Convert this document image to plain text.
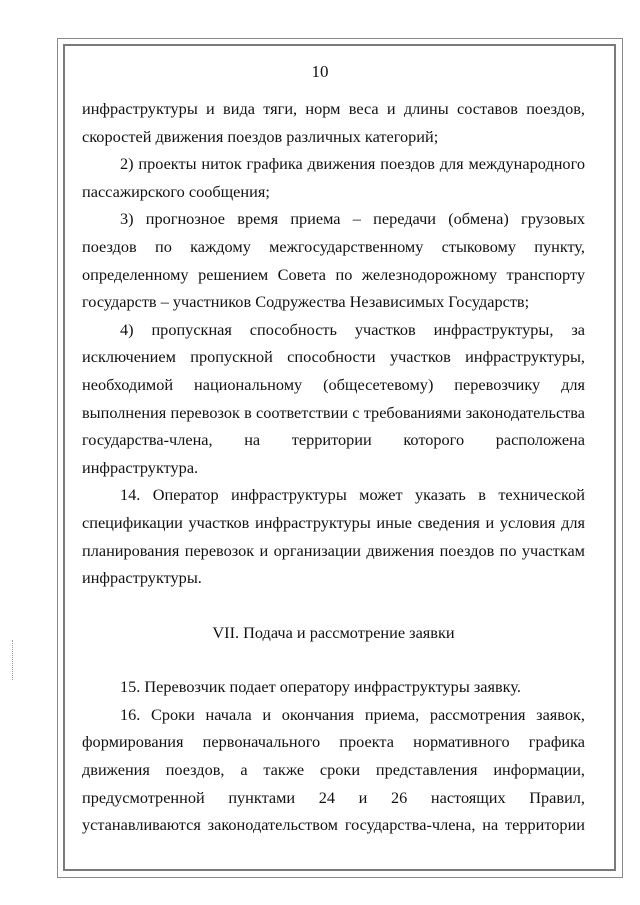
10

инфраструктуры и вида тяги, норм веса и длины составов поездов, скоростей движения поездов различных категорий;

2) проекты ниток графика движения поездов для международного пассажирского сообщения;

3) прогнозное время приема – передачи (обмена) грузовых поездов по каждому межгосударственному стыковому пункту, определенному решением Совета по железнодорожному транспорту государств – участников Содружества Независимых Государств;

4) пропускная способность участков инфраструктуры, за исключением пропускной способности участков инфраструктуры, необходимой национальному (общесетевому) перевозчику для выполнения перевозок в соответствии с требованиями законодательства государства-члена, на территории которого расположена инфраструктура.

14. Оператор инфраструктуры может указать в технической спецификации участков инфраструктуры иные сведения и условия для планирования перевозок и организации движения поездов по участкам инфраструктуры.

VII. Подача и рассмотрение заявки

15. Перевозчик подает оператору инфраструктуры заявку.

16. Сроки начала и окончания приема, рассмотрения заявок, формирования первоначального проекта нормативного графика движения поездов, а также сроки представления информации, предусмотренной пунктами 24 и 26 настоящих Правил, устанавливаются законодательством государства-члена, на территории
